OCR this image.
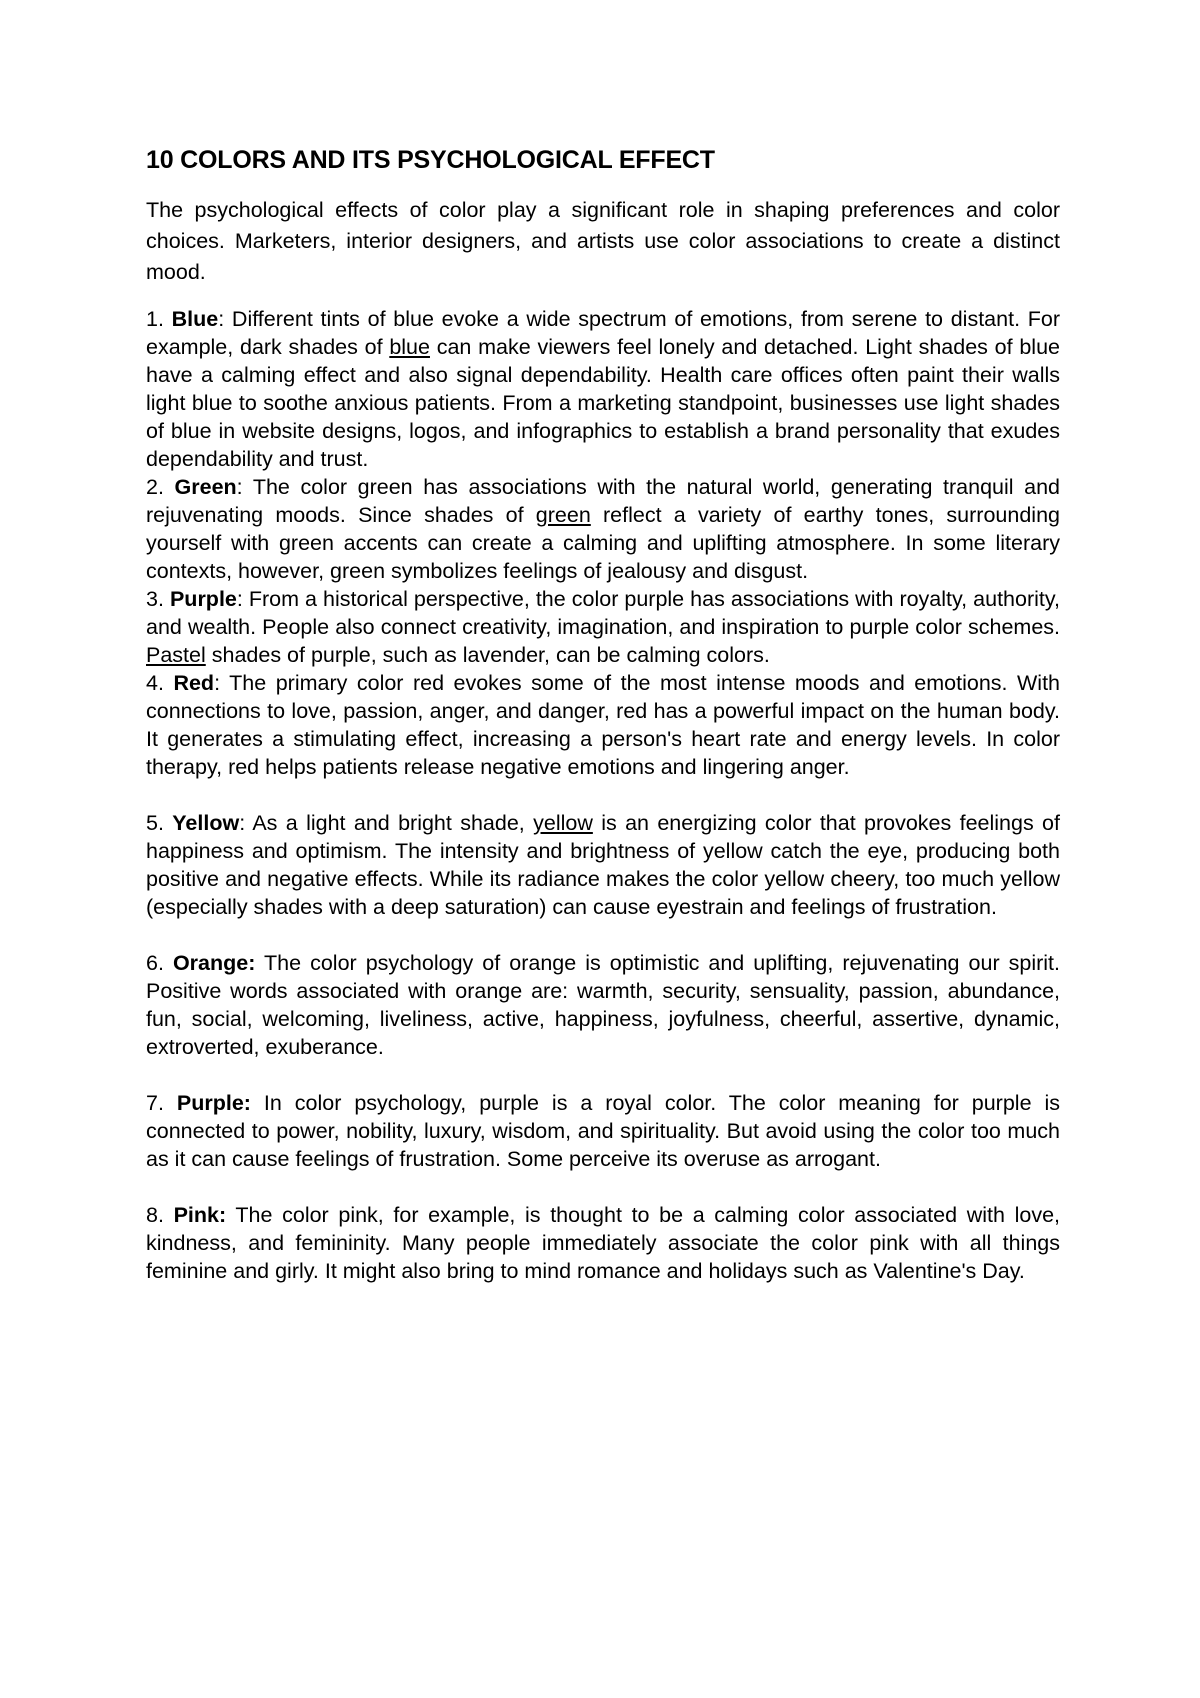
10 COLORS AND ITS PSYCHOLOGICAL EFFECT

The psychological effects of color play a significant role in shaping preferences and color choices. Marketers, interior designers, and artists use color associations to create a distinct mood.

1. Blue: Different tints of blue evoke a wide spectrum of emotions, from serene to distant. For example, dark shades of blue can make viewers feel lonely and detached. Light shades of blue have a calming effect and also signal dependability. Health care offices often paint their walls light blue to soothe anxious patients. From a marketing standpoint, businesses use light shades of blue in website designs, logos, and infographics to establish a brand personality that exudes dependability and trust.

2. Green: The color green has associations with the natural world, generating tranquil and rejuvenating moods. Since shades of green reflect a variety of earthy tones, surrounding yourself with green accents can create a calming and uplifting atmosphere. In some literary contexts, however, green symbolizes feelings of jealousy and disgust.

3. Purple: From a historical perspective, the color purple has associations with royalty, authority, and wealth. People also connect creativity, imagination, and inspiration to purple color schemes. Pastel shades of purple, such as lavender, can be calming colors.

4. Red: The primary color red evokes some of the most intense moods and emotions. With connections to love, passion, anger, and danger, red has a powerful impact on the human body. It generates a stimulating effect, increasing a person's heart rate and energy levels. In color therapy, red helps patients release negative emotions and lingering anger.

5. Yellow: As a light and bright shade, yellow is an energizing color that provokes feelings of happiness and optimism. The intensity and brightness of yellow catch the eye, producing both positive and negative effects. While its radiance makes the color yellow cheery, too much yellow (especially shades with a deep saturation) can cause eyestrain and feelings of frustration.

6. Orange: The color psychology of orange is optimistic and uplifting, rejuvenating our spirit. Positive words associated with orange are: warmth, security, sensuality, passion, abundance, fun, social, welcoming, liveliness, active, happiness, joyfulness, cheerful, assertive, dynamic, extroverted, exuberance.

7. Purple: In color psychology, purple is a royal color. The color meaning for purple is connected to power, nobility, luxury, wisdom, and spirituality. But avoid using the color too much as it can cause feelings of frustration. Some perceive its overuse as arrogant.

8. Pink: The color pink, for example, is thought to be a calming color associated with love, kindness, and femininity. Many people immediately associate the color pink with all things feminine and girly. It might also bring to mind romance and holidays such as Valentine's Day.
